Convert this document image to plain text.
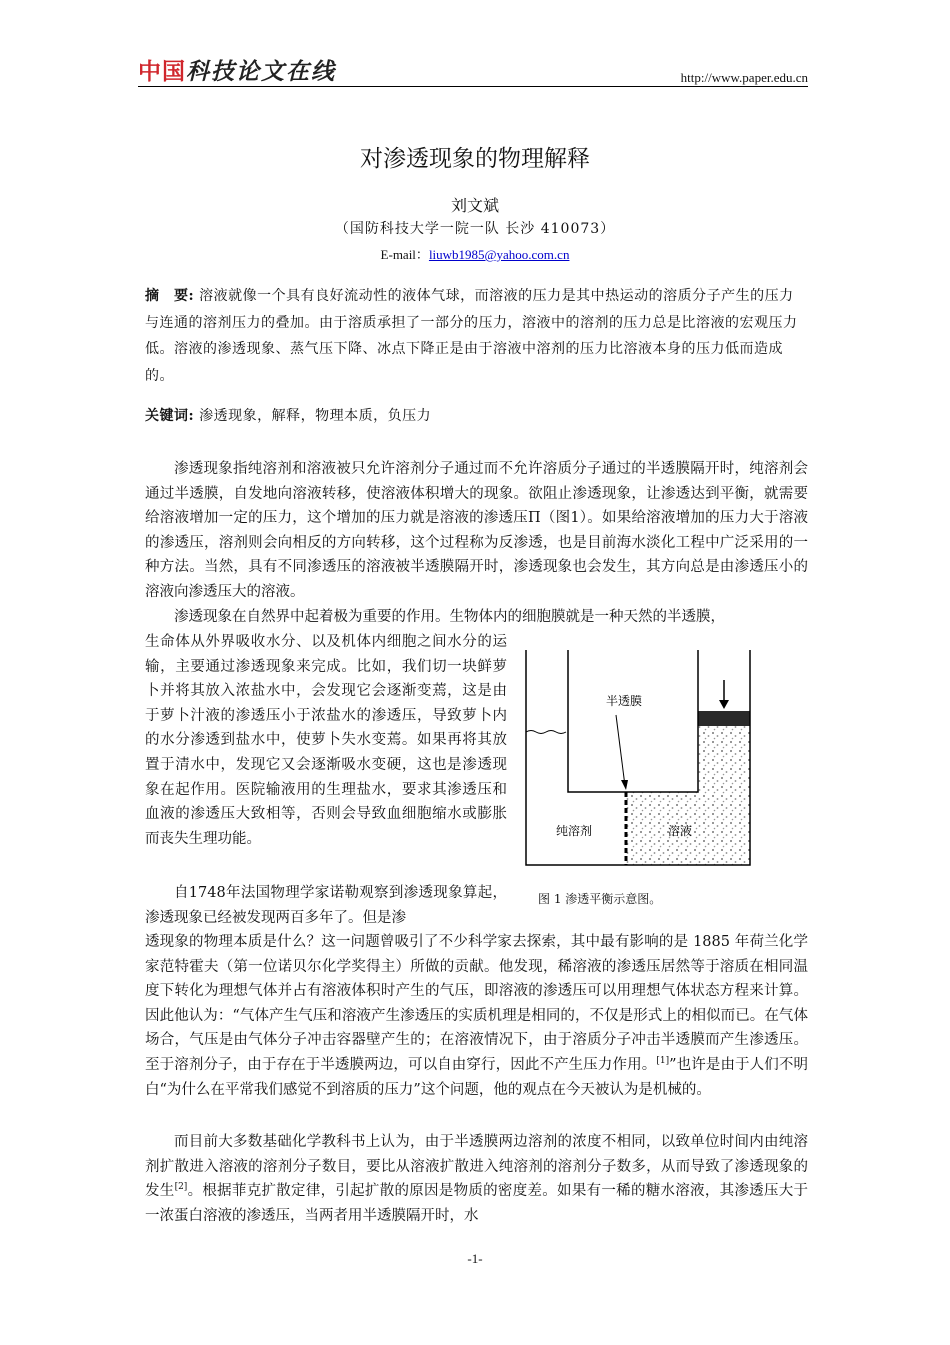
中国 科技论文在线	http://www.paper.edu.cn
对渗透现象的物理解释
刘文斌
（国防科技大学一院一队 长沙 410073）
E-mail：liuwb1985@yahoo.com.cn
摘　要: 溶液就像一个具有良好流动性的液体气球，而溶液的压力是其中热运动的溶质分子产生的压力与连通的溶剂压力的叠加。由于溶质承担了一部分的压力，溶液中的溶剂的压力总是比溶液的宏观压力低。溶液的渗透现象、蒸气压下降、冰点下降正是由于溶液中溶剂的压力比溶液本身的压力低而造成的。
关键词: 渗透现象，解释，物理本质，负压力
渗透现象指纯溶剂和溶液被只允许溶剂分子通过而不允许溶质分子通过的半透膜隔开时，纯溶剂会通过半透膜，自发地向溶液转移，使溶液体积增大的现象。欲阻止渗透现象，让渗透达到平衡，就需要给溶液增加一定的压力，这个增加的压力就是溶液的渗透压Π（图1）。如果给溶液增加的压力大于溶液的渗透压，溶剂则会向相反的方向转移，这个过程称为反渗透，也是目前海水淡化工程中广泛采用的一种方法。当然，具有不同渗透压的溶液被半透膜隔开时，渗透现象也会发生，其方向总是由渗透压小的溶液向渗透压大的溶液。
渗透现象在自然界中起着极为重要的作用。生物体内的细胞膜就是一种天然的半透膜，
生命体从外界吸收水分、以及机体内细胞之间水分的运输，主要通过渗透现象来完成。比如，我们切一块鲜萝卜并将其放入浓盐水中，会发现它会逐渐变蔫，这是由于萝卜汁液的渗透压小于浓盐水的渗透压，导致萝卜内的水分渗透到盐水中，使萝卜失水变蔫。如果再将其放置于清水中，发现它又会逐渐吸水变硬，这也是渗透现象在起作用。医院输液用的生理盐水，要求其渗透压和血液的渗透压大致相等，否则会导致血细胞缩水或膨胀而丧失生理功能。
自1748年法国物理学家诺勒观察到渗透现象算起，渗透现象已经被发现两百多年了。但是渗
透现象的物理本质是什么？这一问题曾吸引了不少科学家去探索，其中最有影响的是 1885 年荷兰化学家范特霍夫（第一位诺贝尔化学奖得主）所做的贡献。他发现，稀溶液的渗透压居然等于溶质在相同温度下转化为理想气体并占有溶液体积时产生的气压，即溶液的渗透压可以用理想气体状态方程来计算。因此他认为：“气体产生气压和溶液产生渗透压的实质机理是相同的，不仅是形式上的相似而已。在气体场合，气压是由气体分子冲击容器壁产生的；在溶液情况下，由于溶质分子冲击半透膜而产生渗透压。至于溶剂分子，由于存在于半透膜两边，可以自由穿行，因此不产生压力作用。[1]”也许是由于人们不明白“为什么在平常我们感觉不到溶质的压力”这个问题，他的观点在今天被认为是机械的。
而目前大多数基础化学教科书上认为，由于半透膜两边溶剂的浓度不相同，以致单位时间内由纯溶剂扩散进入溶液的溶剂分子数目，要比从溶液扩散进入纯溶剂的溶剂分子数多，从而导致了渗透现象的发生[2]。根据菲克扩散定律，引起扩散的原因是物质的密度差。如果有一稀的糖水溶液，其渗透压大于一浓蛋白溶液的渗透压，当两者用半透膜隔开时，水
半透膜
纯溶剂	溶液
图 1 渗透平衡示意图。
-1-
